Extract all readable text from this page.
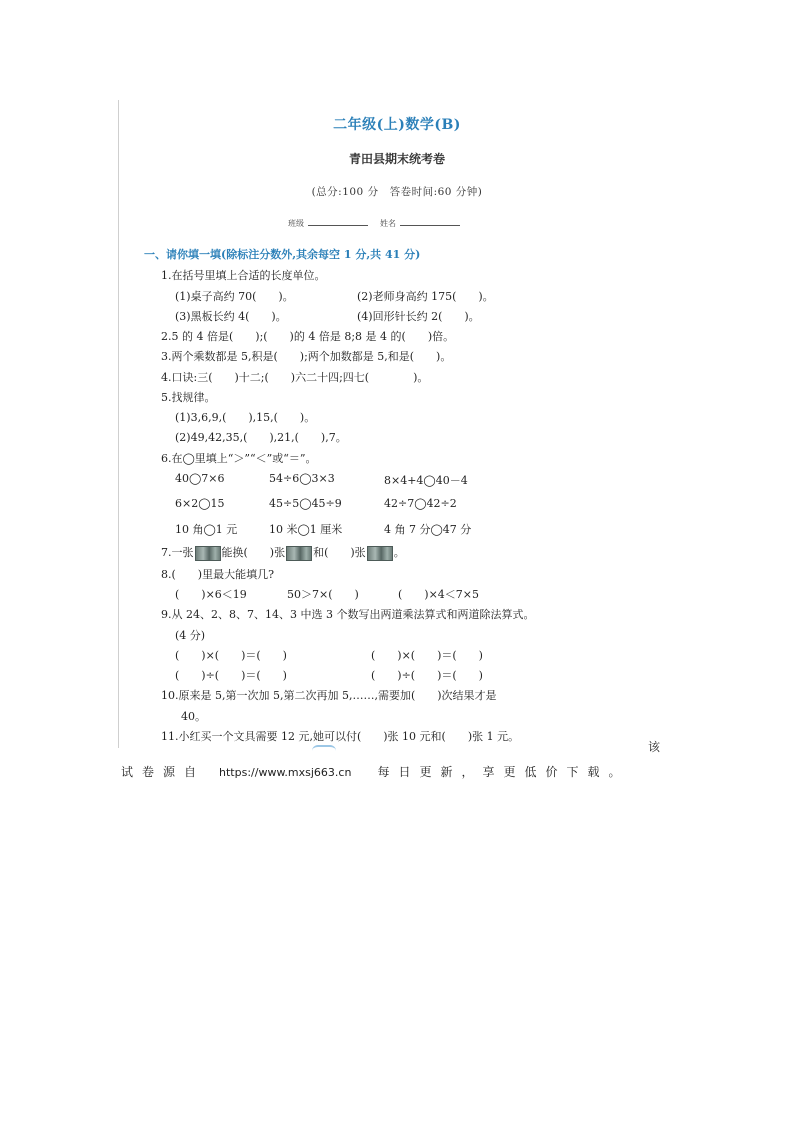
二年级(上)数学(B)
青田县期末统考卷
(总分:100 分　答卷时间:60 分钟)
班级	姓名
一、请你填一填(除标注分数外,其余每空 1 分,共 41 分)
1.在括号里填上合适的长度单位。
(1)桌子高约 70(　　)。	(2)老师身高约 175(　　)。
(3)黑板长约 4(　　)。	(4)回形针长约 2(　　)。
2.5 的 4 倍是(　　);(　　)的 4 倍是 8;8 是 4 的(　　)倍。
3.两个乘数都是 5,积是(　　);两个加数都是 5,和是(　　)。
4.口诀:三(　　)十二;(　　)六二十四;四七(　　　　)。
5.找规律。
(1)3,6,9,(　　),15,(　　)。
(2)49,42,35,(　　),21,(　　),7。
6.在◯里填上“＞”“＜”或“＝”。
40◯7×6	54÷6◯3×3	8×4+4◯40－4
6×2◯15	45÷5◯45÷9	42÷7◯42÷2
10 角◯1 元	10 米◯1 厘米	4 角 7 分◯47 分
7.一张	能换(　　)张	和(　　)张	。
8.(　　)里最大能填几?
(　　)×6＜19	50＞7×(　　)	(　　)×4＜7×5
9.从 24、2、8、7、14、3 中选 3 个数写出两道乘法算式和两道除法算式。
(4 分)
(　　)×(　　)＝(　　)	(　　)×(　　)＝(　　)
(　　)÷(　　)＝(　　)	(　　)÷(　　)＝(　　)
10.原来是 5,第一次加 5,第二次再加 5,……,需要加(　　)次结果才是
40。
11.小红买一个文具需要 12 元,她可以付(　　)张 10 元和(　　)张 1 元。
该
试卷源自 https://www.mxsj663.cn 每日更新，享更低价下载。
